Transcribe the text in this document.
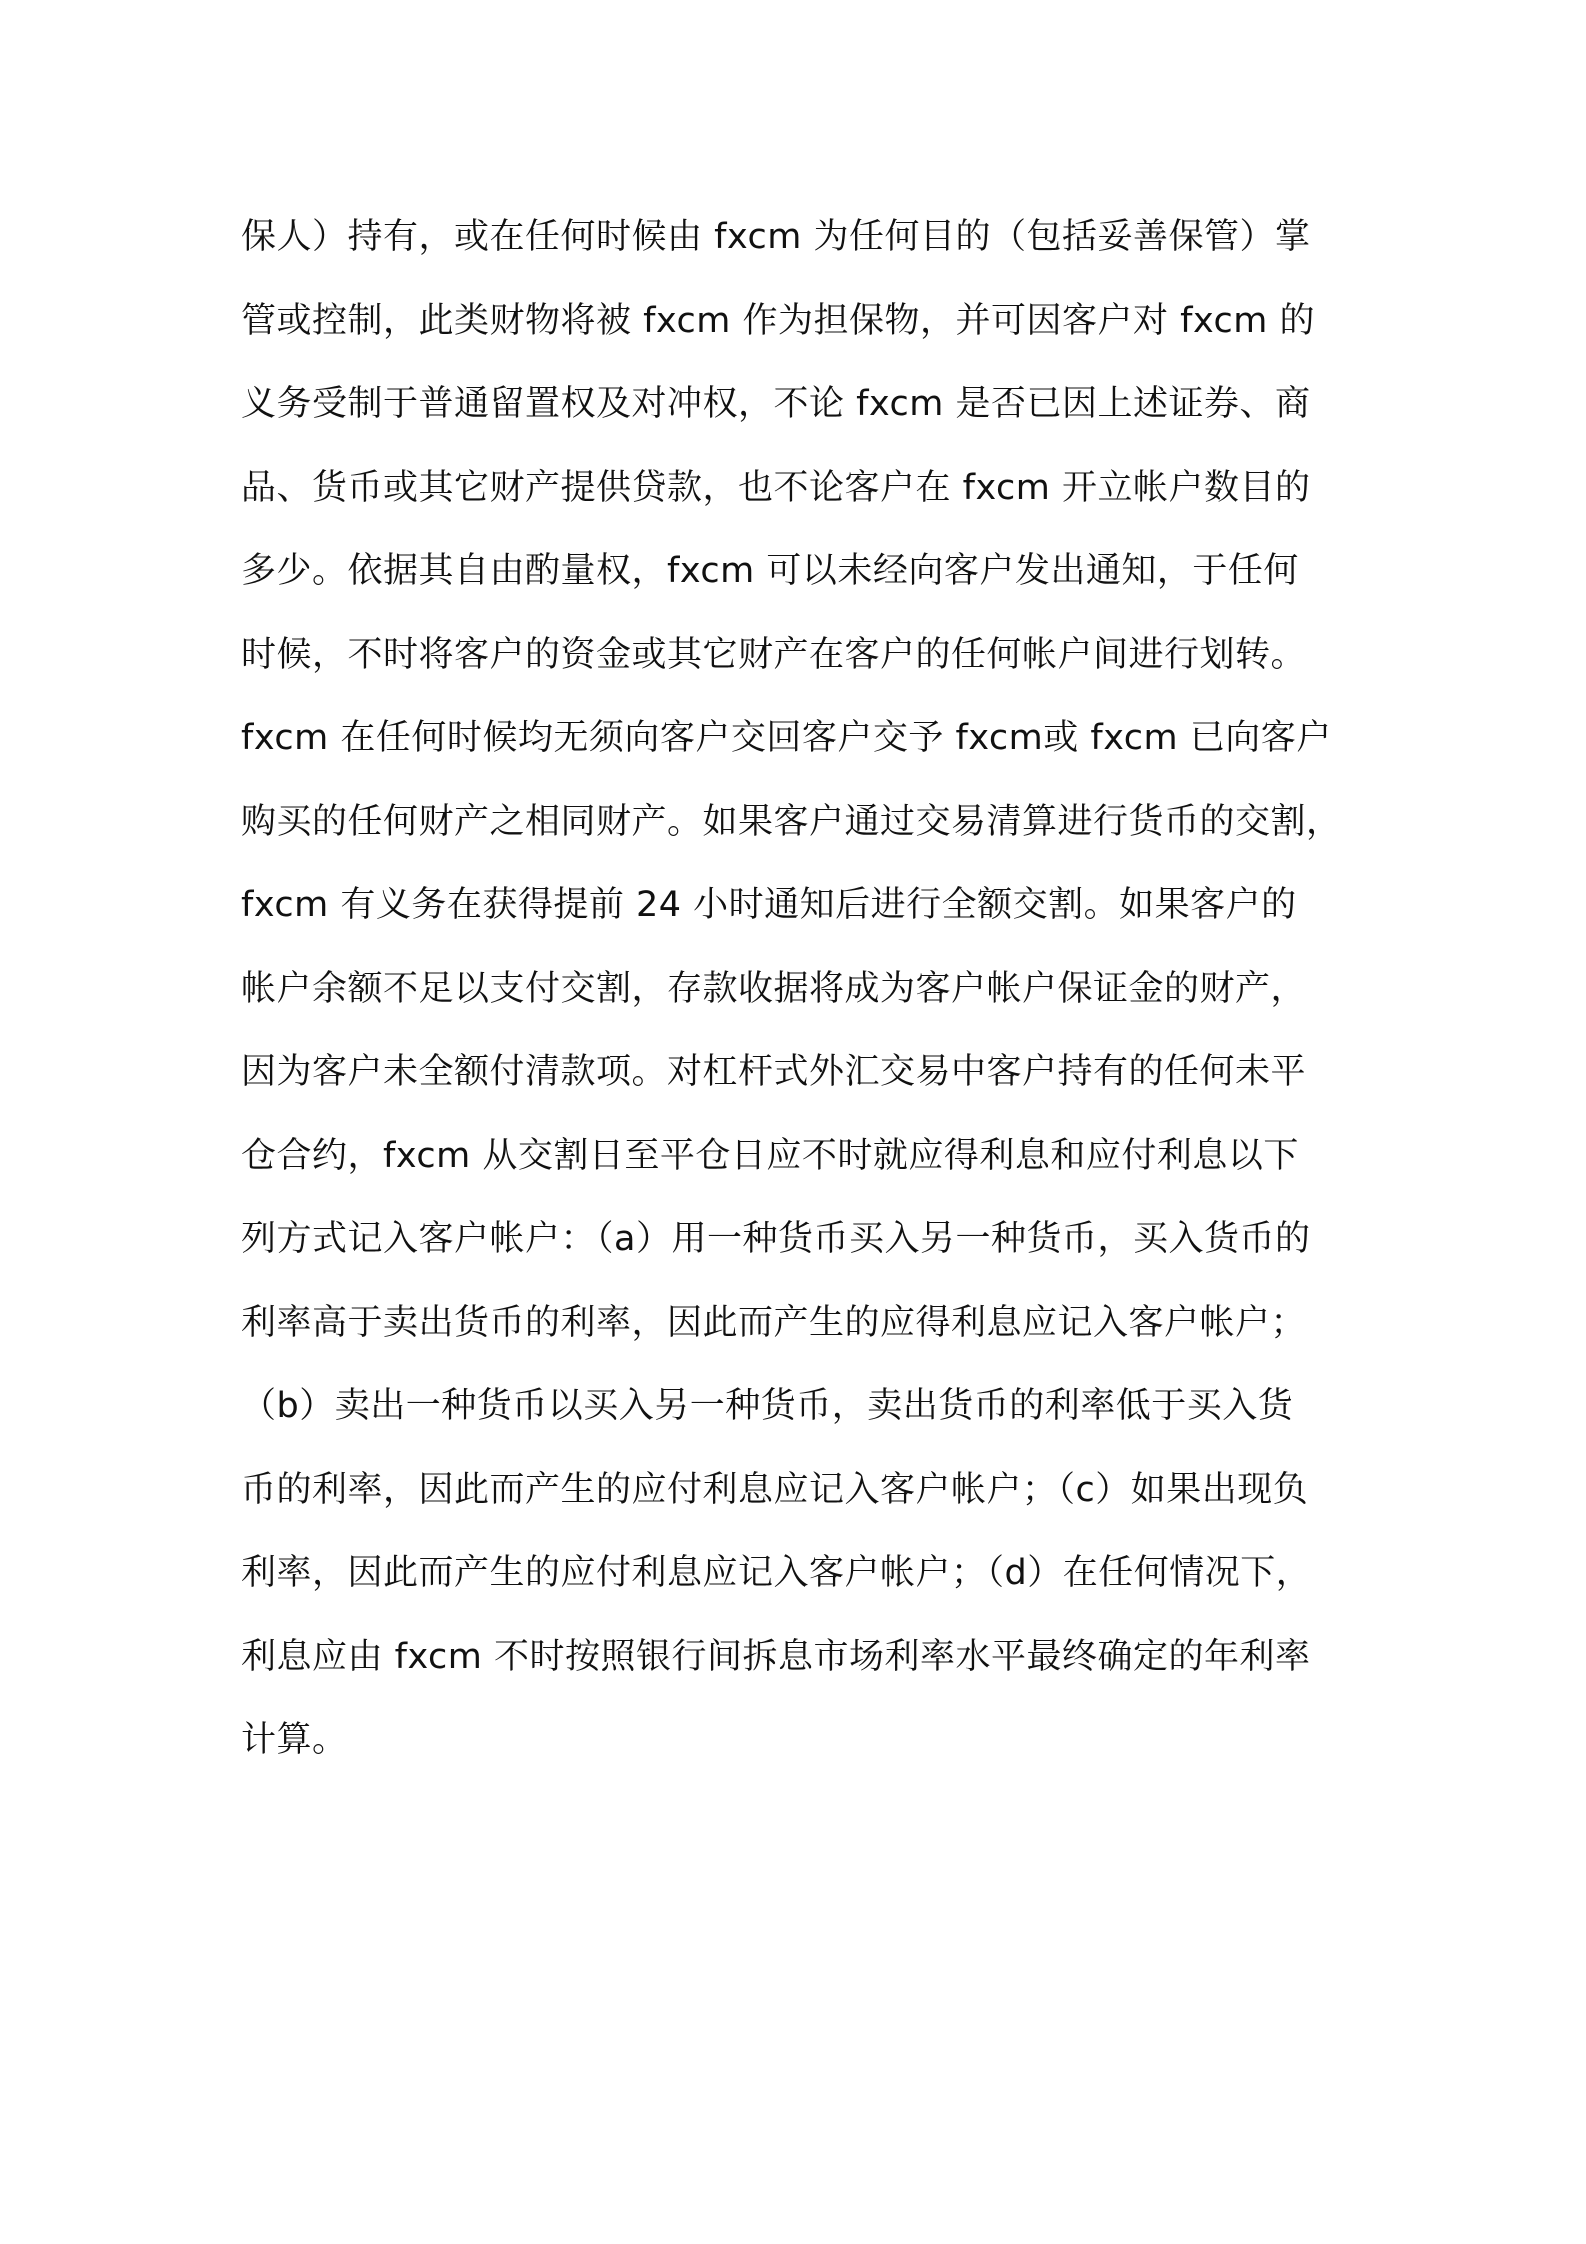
保人）持有，或在任何时候由 fxcm 为任何目的（包括妥善保管）掌
管或控制，此类财物将被 fxcm 作为担保物，并可因客户对 fxcm 的
义务受制于普通留置权及对冲权，不论 fxcm 是否已因上述证券、商
品、货币或其它财产提供贷款，也不论客户在 fxcm 开立帐户数目的
多少。依据其自由酌量权，fxcm 可以未经向客户发出通知，于任何
时候，不时将客户的资金或其它财产在客户的任何帐户间进行划转。
fxcm 在任何时候均无须向客户交回客户交予 fxcm或 fxcm 已向客户
购买的任何财产之相同财产。如果客户通过交易清算进行货币的交割，
fxcm 有义务在获得提前 24 小时通知后进行全额交割。如果客户的
帐户余额不足以支付交割，存款收据将成为客户帐户保证金的财产，
因为客户未全额付清款项。对杠杆式外汇交易中客户持有的任何未平
仓合约，fxcm 从交割日至平仓日应不时就应得利息和应付利息以下
列方式记入客户帐户：（a）用一种货币买入另一种货币，买入货币的
利率高于卖出货币的利率，因此而产生的应得利息应记入客户帐户；
（b）卖出一种货币以买入另一种货币，卖出货币的利率低于买入货
币的利率，因此而产生的应付利息应记入客户帐户；（c）如果出现负
利率，因此而产生的应付利息应记入客户帐户；（d）在任何情况下，
利息应由 fxcm 不时按照银行间拆息市场利率水平最终确定的年利率
计算。
